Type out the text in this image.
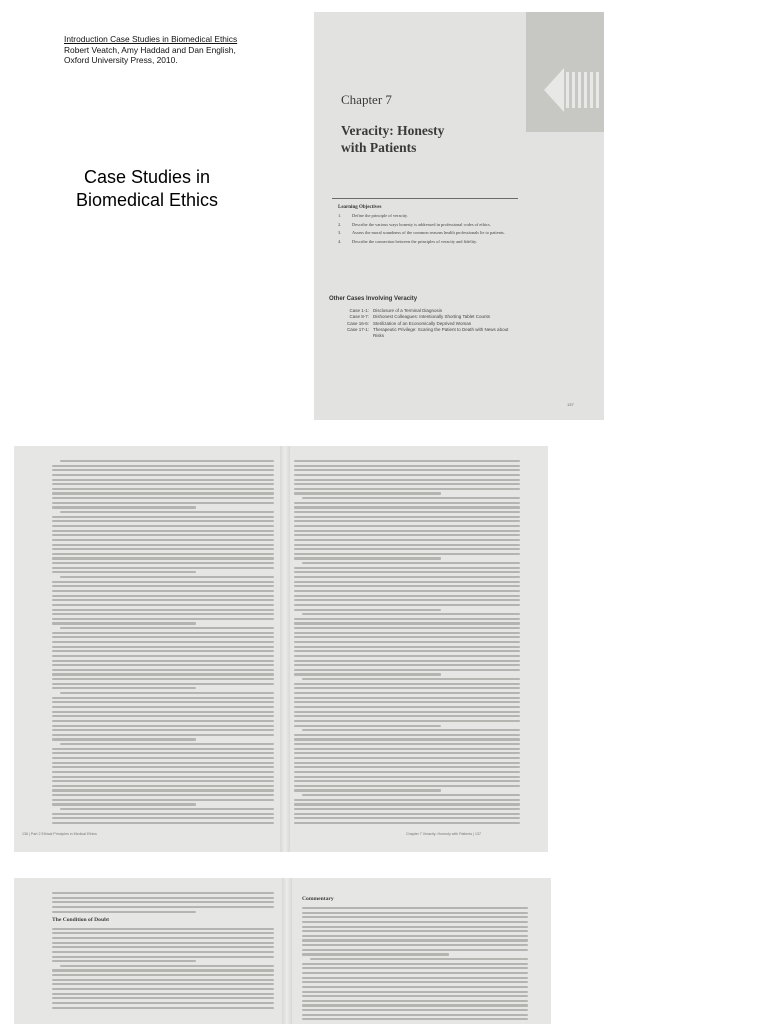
Introduction Case Studies in Biomedical Ethics
Robert Veatch, Amy Haddad and Dan English,
Oxford University Press, 2010.
Case Studies in
Biomedical Ethics
Chapter 7
Veracity: Honesty
with Patients
Learning Objectives
1.	Define the principle of veracity.
2.	Describe the various ways honesty is addressed in professional codes of ethics.
3.	Assess the moral soundness of the common reasons health professionals lie to patients.
4.	Describe the connection between the principles of veracity and fidelity.
Other Cases Involving Veracity
Case 1-1: Disclosure of a Terminal Diagnosis
Case 8-7: Dishonest Colleagues: Intentionally Shorting Tablet Counts
Case 16-6: Sterilization of an Economically Deprived Woman
Case 17-1: Therapeutic Privilege: Scaring the Patient to Death with News about Risks
137
136 | Part 2 Ethical Principles in Medical Ethics	Chapter 7 Veracity: Honesty with Patients | 137
The Condition of Doubt
Commentary
